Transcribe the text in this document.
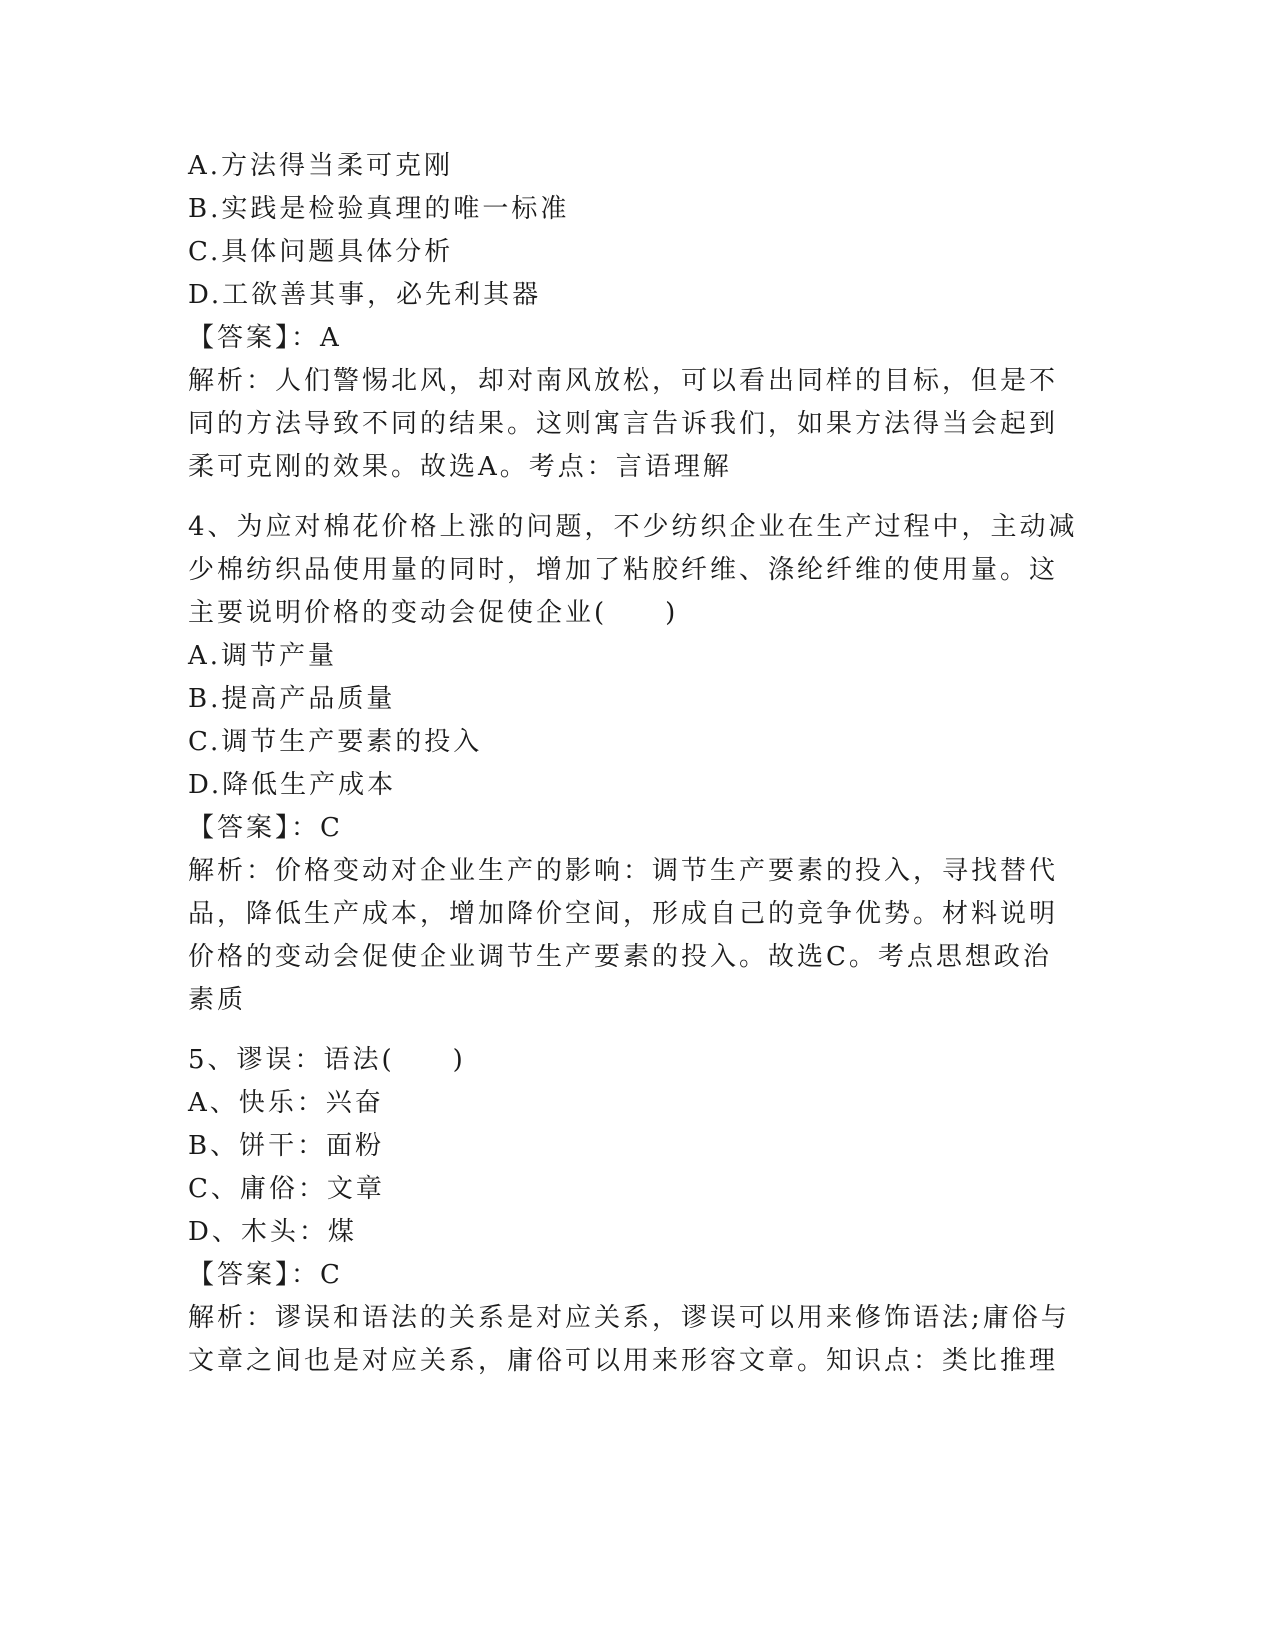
A.方法得当柔可克刚
B.实践是检验真理的唯一标准
C.具体问题具体分析
D.工欲善其事，必先利其器
【答案】：A
解析：人们警惕北风，却对南风放松，可以看出同样的目标，但是不同的方法导致不同的结果。这则寓言告诉我们，如果方法得当会起到柔可克刚的效果。故选A。考点：言语理解
4、为应对棉花价格上涨的问题，不少纺织企业在生产过程中，主动减少棉纺织品使用量的同时，增加了粘胶纤维、涤纶纤维的使用量。这主要说明价格的变动会促使企业(　　)
A.调节产量
B.提高产品质量
C.调节生产要素的投入
D.降低生产成本
【答案】：C
解析：价格变动对企业生产的影响：调节生产要素的投入，寻找替代品，降低生产成本，增加降价空间，形成自己的竞争优势。材料说明价格的变动会促使企业调节生产要素的投入。故选C。考点思想政治素质
5、谬误：语法(　　)
A、快乐：兴奋
B、饼干：面粉
C、庸俗：文章
D、木头：煤
【答案】：C
解析：谬误和语法的关系是对应关系，谬误可以用来修饰语法;庸俗与文章之间也是对应关系，庸俗可以用来形容文章。知识点：类比推理
